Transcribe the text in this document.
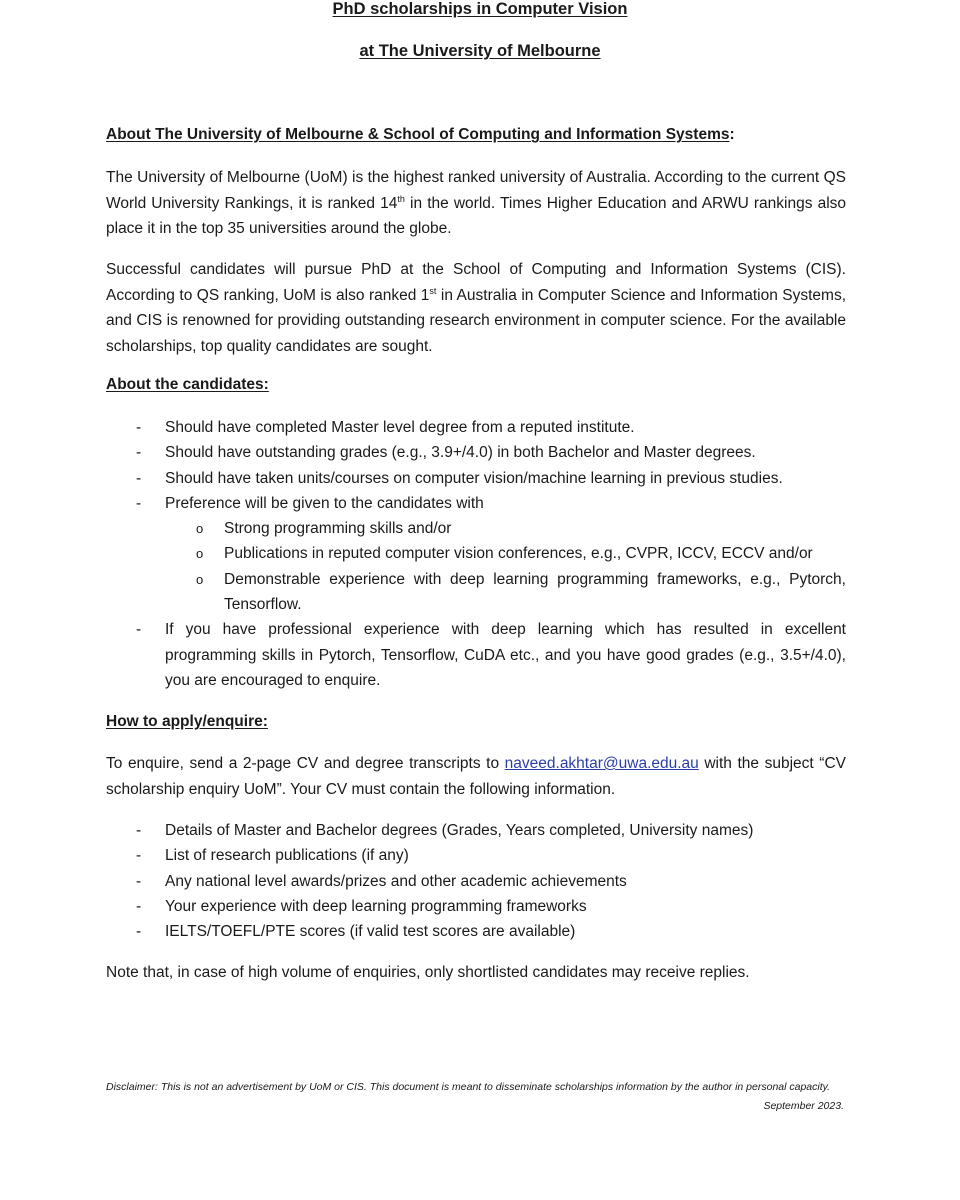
PhD scholarships in Computer Vision
at The University of Melbourne
About The University of Melbourne & School of Computing and Information Systems:

The University of Melbourne (UoM) is the highest ranked university of Australia. According to the current QS World University Rankings, it is ranked 14th in the world. Times Higher Education and ARWU rankings also place it in the top 35 universities around the globe.

Successful candidates will pursue PhD at the School of Computing and Information Systems (CIS). According to QS ranking, UoM is also ranked 1st in Australia in Computer Science and Information Systems, and CIS is renowned for providing outstanding research environment in computer science. For the available scholarships, top quality candidates are sought.

About the candidates:
- Should have completed Master level degree from a reputed institute.
- Should have outstanding grades (e.g., 3.9+/4.0) in both Bachelor and Master degrees.
- Should have taken units/courses on computer vision/machine learning in previous studies.
- Preference will be given to the candidates with
o Strong programming skills and/or
o Publications in reputed computer vision conferences, e.g., CVPR, ICCV, ECCV and/or
o Demonstrable experience with deep learning programming frameworks, e.g., Pytorch, Tensorflow.
- If you have professional experience with deep learning which has resulted in excellent programming skills in Pytorch, Tensorflow, CuDA etc., and you have good grades (e.g., 3.5+/4.0), you are encouraged to enquire.
How to apply/enquire:

To enquire, send a 2-page CV and degree transcripts to naveed.akhtar@uwa.edu.au with the subject “CV scholarship enquiry UoM”. Your CV must contain the following information.

- Details of Master and Bachelor degrees (Grades, Years completed, University names)
- List of research publications (if any)
- Any national level awards/prizes and other academic achievements
- Your experience with deep learning programming frameworks
- IELTS/TOEFL/PTE scores (if valid test scores are available)

Note that, in case of high volume of enquiries, only shortlisted candidates may receive replies.

Disclaimer: This is not an advertisement by UoM or CIS. This document is meant to disseminate scholarships information by the author in personal capacity.

September 2023.
